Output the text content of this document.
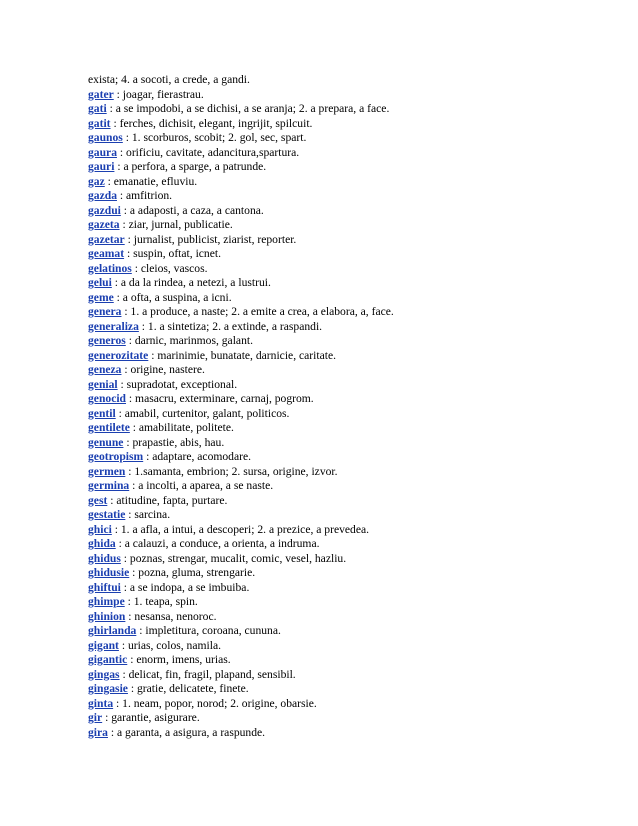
exista; 4. a socoti, a crede, a gandi.
gater : joagar, fierastrau.
gati : a se impodobi, a se dichisi, a se aranja; 2. a prepara, a face.
gatit : ferches, dichisit, elegant, ingrijit, spilcuit.
gaunos : 1. scorburos, scobit; 2. gol, sec, spart.
gaura : orificiu, cavitate, adancitura,spartura.
gauri : a perfora, a sparge, a patrunde.
gaz : emanatie, efluviu.
gazda : amfitrion.
gazdui : a adaposti, a caza, a cantona.
gazeta : ziar, jurnal, publicatie.
gazetar : jurnalist, publicist, ziarist, reporter.
geamat : suspin, oftat, icnet.
gelatinos : cleios, vascos.
gelui : a da la rindea, a netezi, a lustrui.
geme : a ofta, a suspina, a icni.
genera : 1. a produce, a naste; 2. a emite a crea, a elabora, a, face.
generaliza : 1. a sintetiza; 2. a extinde, a raspandi.
generos : darnic, marinmos, galant.
generozitate : marinimie, bunatate, darnicie, caritate.
geneza : origine, nastere.
genial : supradotat, exceptional.
genocid : masacru, exterminare, carnaj, pogrom.
gentil : amabil, curtenitor, galant, politicos.
gentilete : amabilitate, politete.
genune : prapastie, abis, hau.
geotropism : adaptare, acomodare.
germen : 1.samanta, embrion; 2. sursa, origine, izvor.
germina : a incolti, a aparea, a se naste.
gest : atitudine, fapta, purtare.
gestatie : sarcina.
ghici : 1. a afla, a intui, a descoperi; 2. a prezice, a prevedea.
ghida : a calauzi, a conduce, a orienta, a indruma.
ghidus : poznas, strengar, mucalit, comic, vesel, hazliu.
ghidusie : pozna, gluma, strengarie.
ghiftui : a se indopa, a se imbuiba.
ghimpe : 1. teapa, spin.
ghinion : nesansa, nenoroc.
ghirlanda : impletitura, coroana, cununa.
gigant : urias, colos, namila.
gigantic : enorm, imens, urias.
gingas : delicat, fin, fragil, plapand, sensibil.
gingasie : gratie, delicatete, finete.
ginta : 1. neam, popor, norod; 2. origine, obarsie.
gir : garantie, asigurare.
gira : a garanta, a asigura, a raspunde.
